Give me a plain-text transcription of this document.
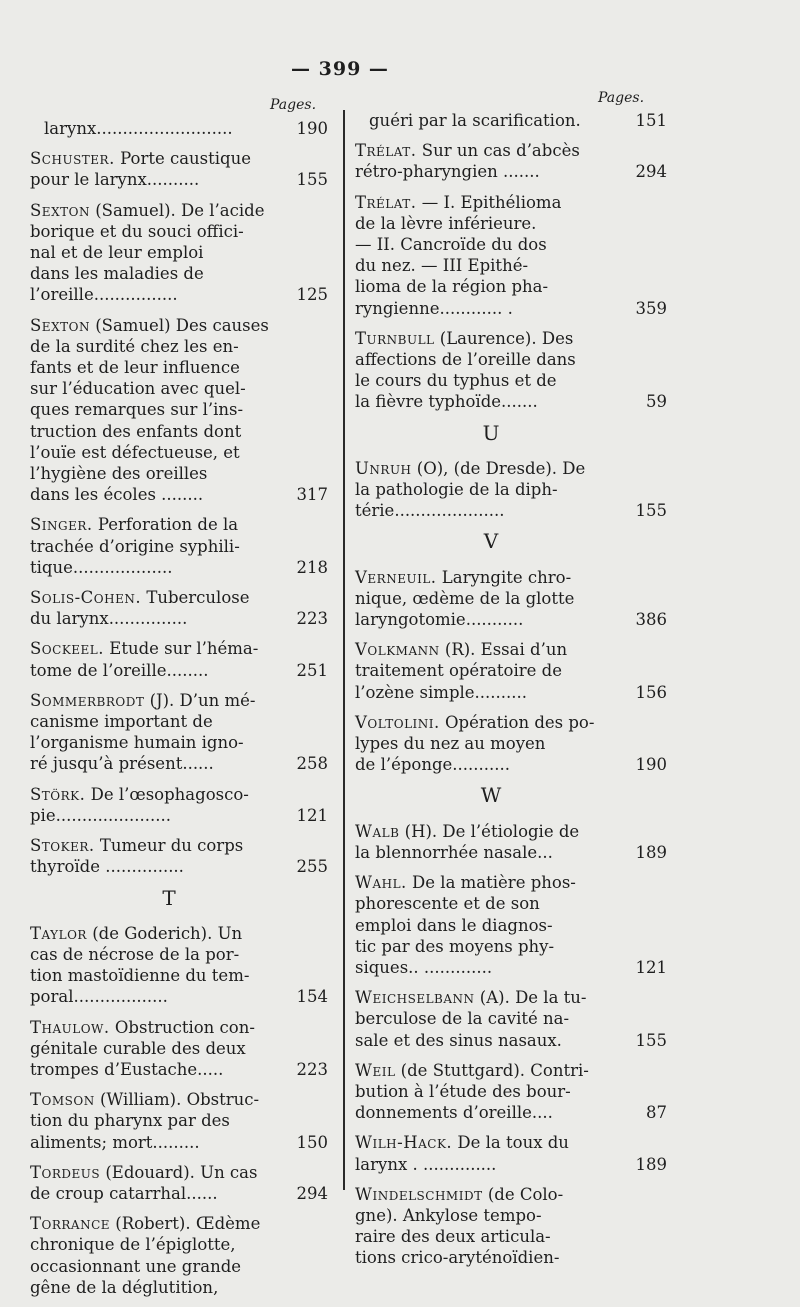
— 399 —
Pages.	Pages.
larynx..........................	190
Schuster. Porte caustique
pour le larynx..........	155
Sexton (Samuel). De l’acide
borique et du souci offici-
nal et de leur emploi
dans les maladies de
l’oreille................	125
Sexton (Samuel) Des causes
de la surdité chez les en-
fants et de leur influence
sur l’éducation avec quel-
ques remarques sur l’ins-
truction des enfants dont
l’ouïe est défectueuse, et
l’hygiène des oreilles
dans les écoles ........	317
Singer. Perforation de la
trachée d’origine syphili-
tique...................	218
Solis-Cohen. Tuberculose
du larynx...............	223
Sockeel. Etude sur l’héma-
tome de l’oreille........	251
Sommerbrodt (J). D’un mé-
canisme important de
l’organisme humain igno-
ré jusqu’à présent......	258
Störk. De l’œsophagosco-
pie......................	121
Stoker. Tumeur du corps
thyroïde ...............	255
T
Taylor (de Goderich). Un
cas de nécrose de la por-
tion mastoïdienne du tem-
poral..................	154
Thaulow. Obstruction con-
génitale curable des deux
trompes d’Eustache.....	223
Tomson (William). Obstruc-
tion du pharynx par des
aliments; mort.........	150
Tordeus (Edouard). Un cas
de croup catarrhal......	294
Torrance (Robert). Œdème
chronique de l’épiglotte,
occasionnant une grande
gêne de la déglutition,
guéri par la scarification.	151
Trélat. Sur un cas d’abcès
rétro-pharyngien .......	294
Trélat. — I. Epithélioma
de la lèvre inférieure.
— II. Cancroïde du dos
du nez. — III Epithé-
lioma de la région pha-
ryngienne............ .	359
Turnbull (Laurence). Des
affections de l’oreille dans
le cours du typhus et de
la fièvre typhoïde.......	59
U
Unruh (O), (de Dresde). De
la pathologie de la diph-
térie.....................	155
V
Verneuil. Laryngite chro-
nique, œdème de la glotte
laryngotomie...........	386
Volkmann (R). Essai d’un
traitement opératoire de
l’ozène simple..........	156
Voltolini. Opération des po-
lypes du nez au moyen
de l’éponge...........	190
W
Walb (H). De l’étiologie de
la blennorrhée nasale...	189
Wahl. De la matière phos-
phorescente et de son
emploi dans le diagnos-
tic par des moyens phy-
siques.. .............	121
Weichselbann (A). De la tu-
berculose de la cavité na-
sale et des sinus nasaux.	155
Weil (de Stuttgard). Contri-
bution à l’étude des bour-
donnements d’oreille....	87
Wilh-Hack. De la toux du
larynx . ..............	189
Windelschmidt (de Colo-
gne). Ankylose tempo-
raire des deux articula-
tions crico-aryténoïdien-
